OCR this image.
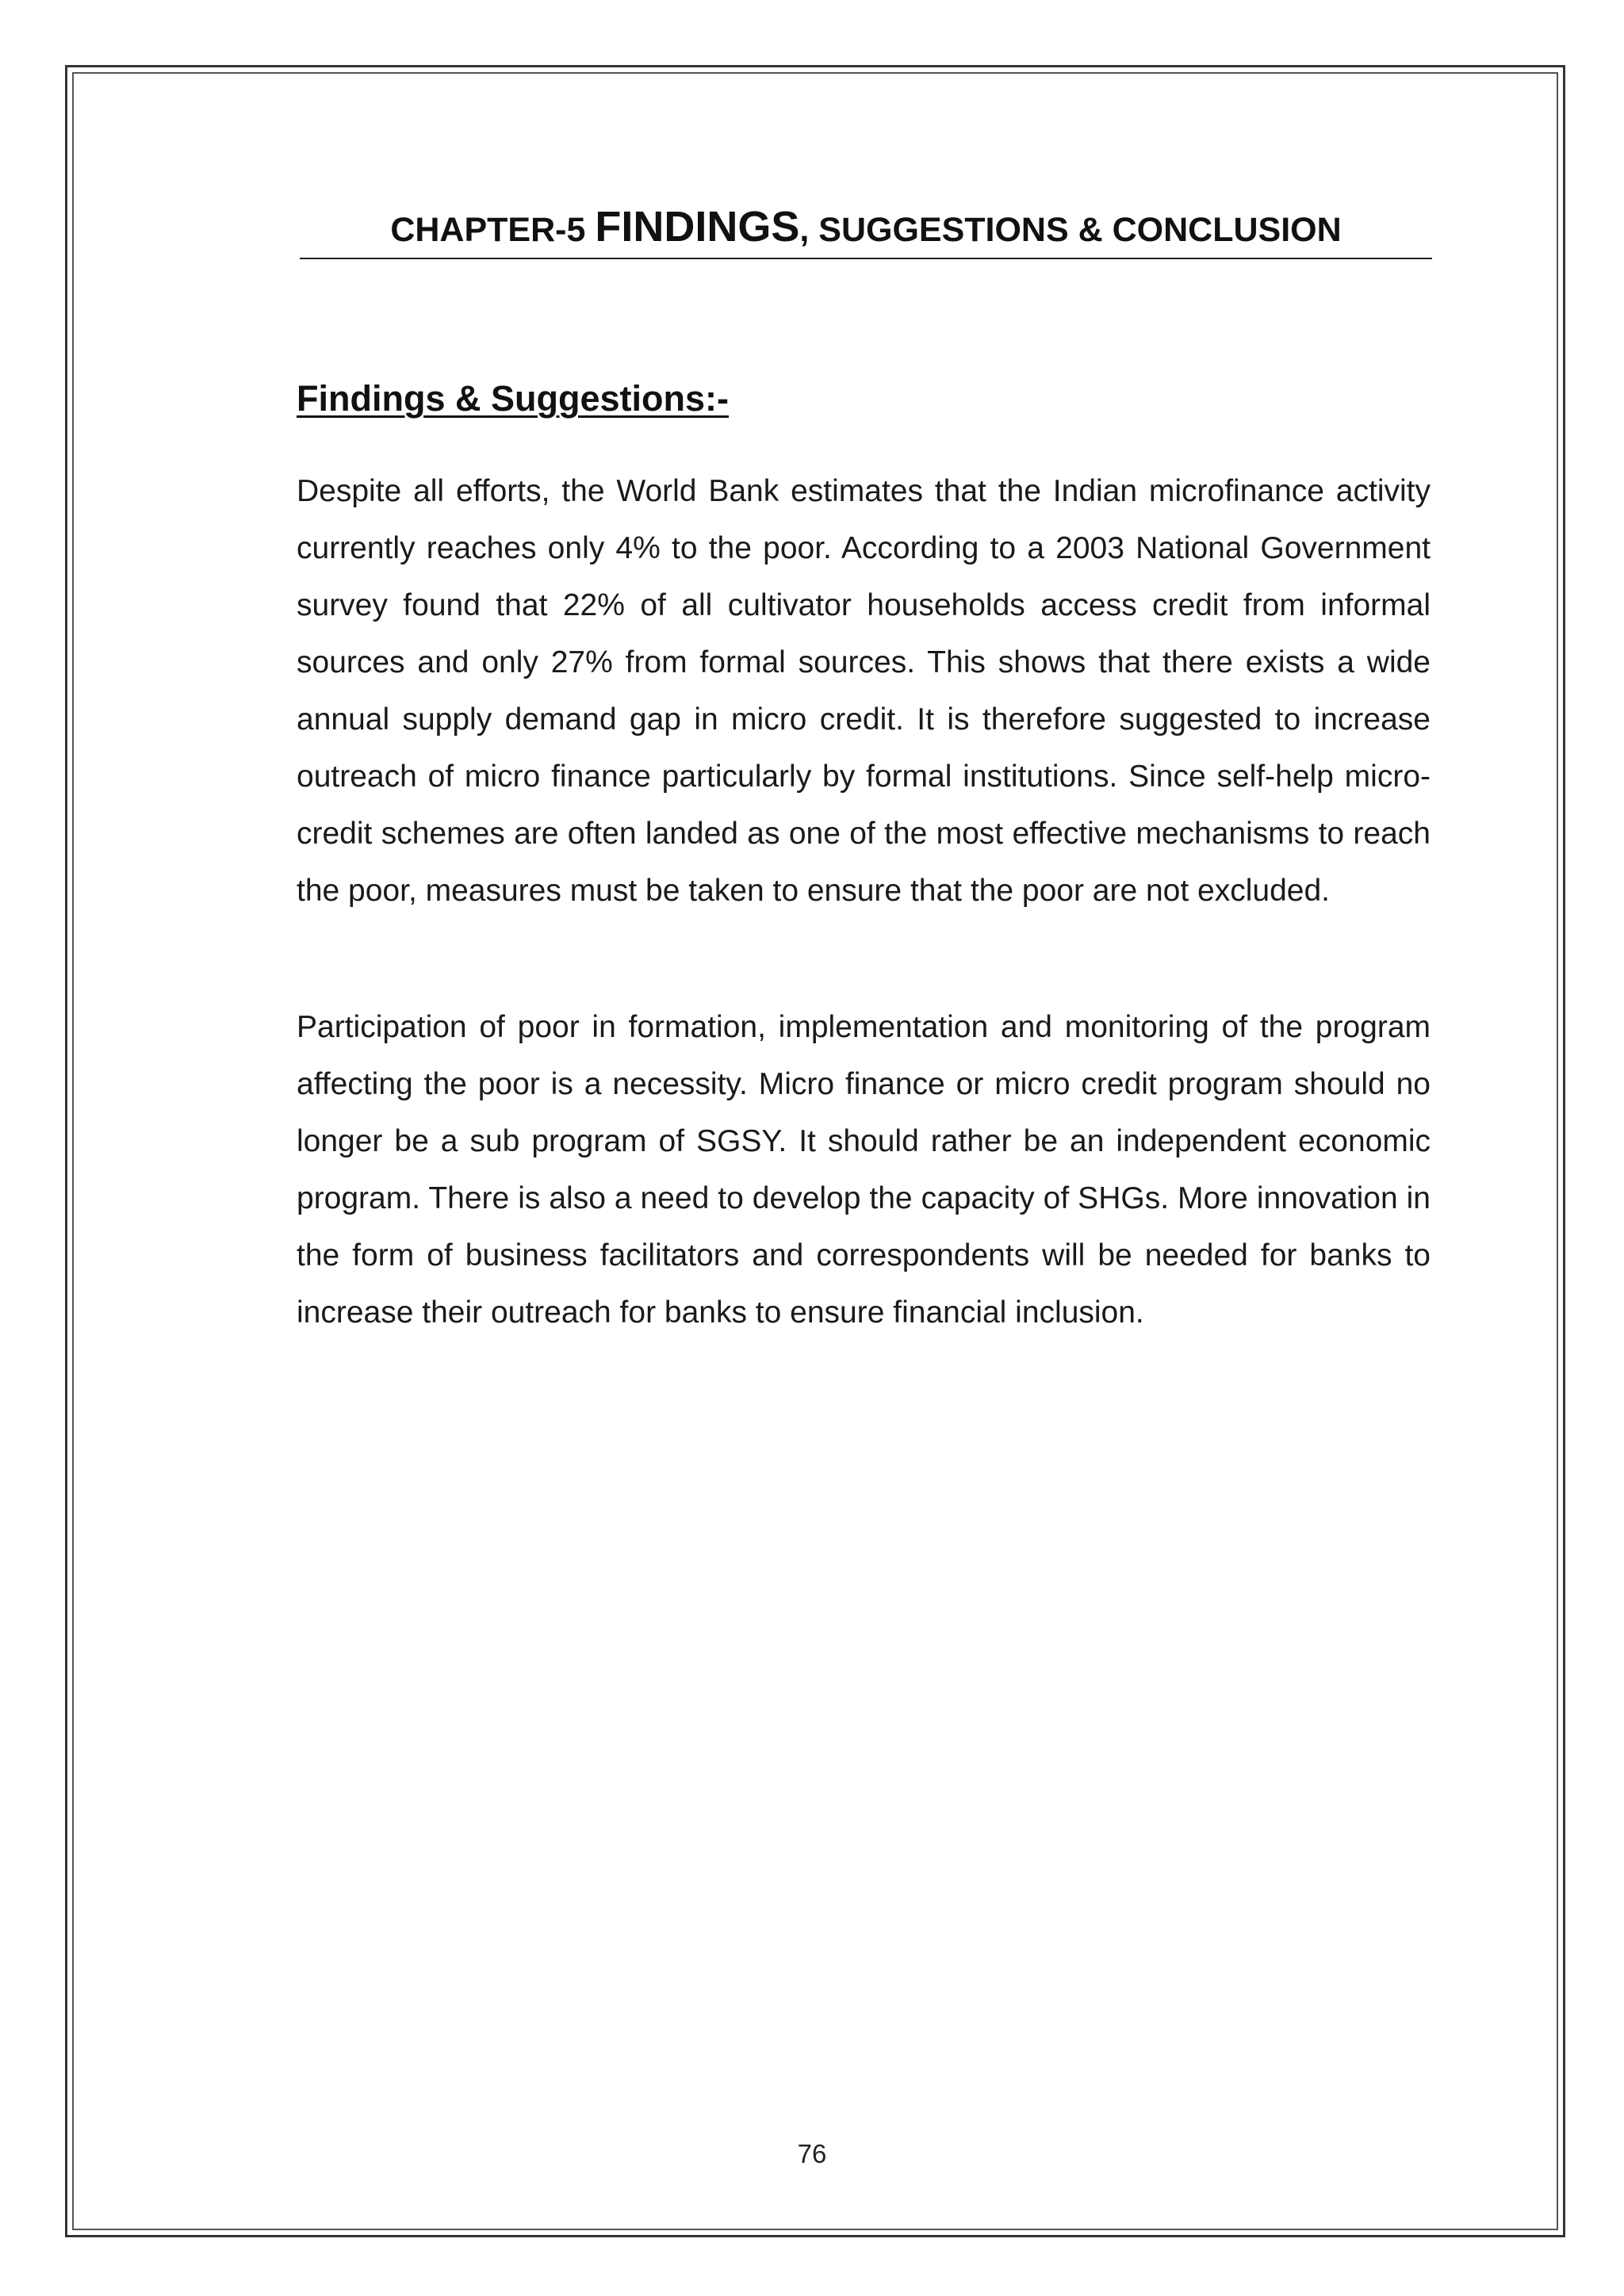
CHAPTER-5 FINDINGS, SUGGESTIONS & CONCLUSION
Findings & Suggestions:-

Despite all efforts, the World Bank estimates that the Indian microfinance activity currently reaches only 4% to the poor. According to a 2003 National Government survey found that 22% of all cultivator households access credit from informal sources and only 27% from formal sources. This shows that there exists a wide annual supply demand gap in micro credit. It is therefore suggested to increase outreach of micro finance particularly by formal institutions. Since self-help micro-credit schemes are often landed as one of the most effective mechanisms to reach the poor, measures must be taken to ensure that the poor are not excluded.

Participation of poor in formation, implementation and monitoring of the program affecting the poor is a necessity. Micro finance or micro credit program should no longer be a sub program of SGSY. It should rather be an independent economic program. There is also a need to develop the capacity of SHGs. More innovation in the form of business facilitators and correspondents will be needed for banks to increase their outreach for banks to ensure financial inclusion.

76
